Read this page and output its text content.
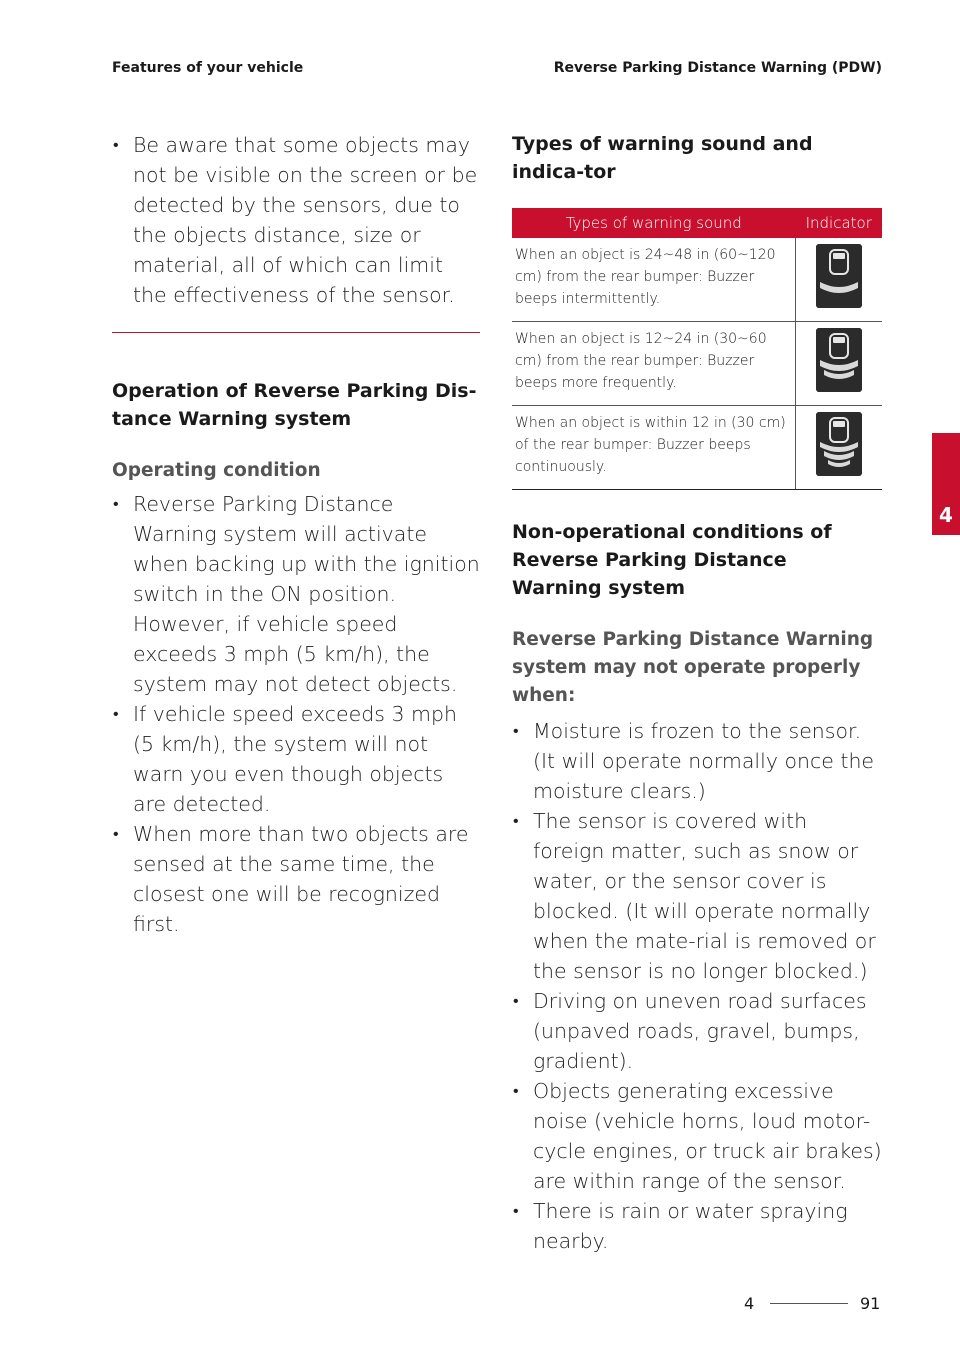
Features of your vehicle	Reverse Parking Distance Warning (PDW)
• Be aware that some objects may not be visible on the screen or be detected by the sensors, due to the objects distance, size or material, all of which can limit the effectiveness of the sensor.
Operation of Reverse Parking Dis-tance Warning system
Operating condition
• Reverse Parking Distance Warning system will activate when backing up with the ignition switch in the ON position. However, if vehicle speed exceeds 3 mph (5 km/h), the system may not detect objects.
• If vehicle speed exceeds 3 mph (5 km/h), the system will not warn you even though objects are detected.
• When more than two objects are sensed at the same time, the closest one will be recognized first.
Types of warning sound and indica-tor
Types of warning sound	Indicator
When an object is 24~48 in (60~120 cm) from the rear bumper: Buzzer beeps intermittently.	
When an object is 12~24 in (30~60 cm) from the rear bumper: Buzzer beeps more frequently.	
When an object is within 12 in (30 cm) of the rear bumper: Buzzer beeps continuously.	
Non-operational conditions of Reverse Parking Distance Warning system
Reverse Parking Distance Warning system may not operate properly when:
• Moisture is frozen to the sensor. (It will operate normally once the moisture clears.)
• The sensor is covered with foreign matter, such as snow or water, or the sensor cover is blocked. (It will operate normally when the mate-rial is removed or the sensor is no longer blocked.)
• Driving on uneven road surfaces (unpaved roads, gravel, bumps, gradient).
• Objects generating excessive noise (vehicle horns, loud motor-cycle engines, or truck air brakes) are within range of the sensor.
• There is rain or water spraying nearby.
4
4	91
